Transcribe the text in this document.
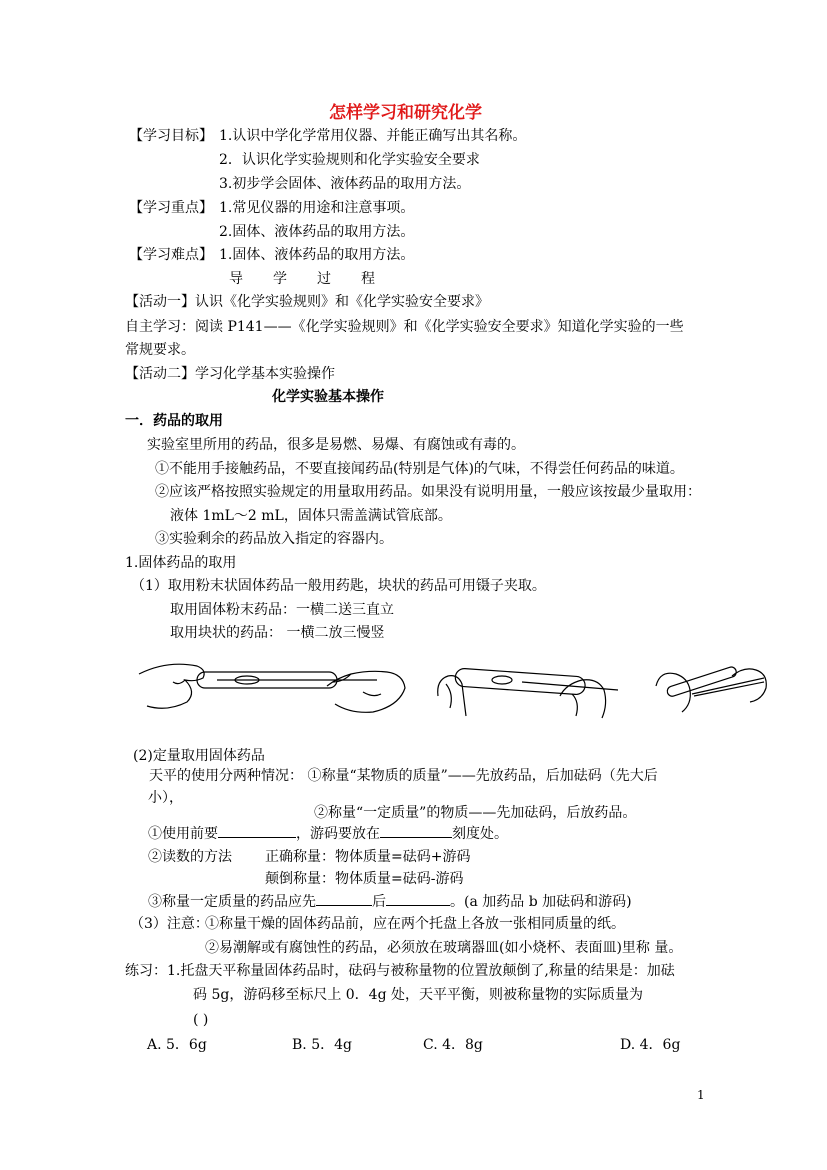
怎样学习和研究化学
【学习目标】 1.认识中学化学常用仪器、并能正确写出其名称。
2．认识化学实验规则和化学实验安全要求
3.初步学会固体、液体药品的取用方法。
【学习重点】 1.常见仪器的用途和注意事项。
2.固体、液体药品的取用方法。
【学习难点】 1.固体、液体药品的取用方法。
导学过程
【活动一】认识《化学实验规则》和《化学实验安全要求》
自主学习：阅读 P141——《化学实验规则》和《化学实验安全要求》知道化学实验的一些
常规要求。
【活动二】学习化学基本实验操作
化学实验基本操作
一．药品的取用
实验室里所用的药品，很多是易燃、易爆、有腐蚀或有毒的。
①不能用手接触药品，不要直接闻药品(特别是气体)的气味，不得尝任何药品的味道。
②应该严格按照实验规定的用量取用药品。如果没有说明用量，一般应该按最少量取用：
液体 1mL～2 mL，固体只需盖满试管底部。
③实验剩余的药品放入指定的容器内。
1.固体药品的取用
（1）取用粉末状固体药品一般用药匙，块状的药品可用镊子夹取。
取用固体粉末药品：一横二送三直立
取用块状的药品： 一横二放三慢竖
(2)定量取用固体药品
天平的使用分两种情况： ①称量“某物质的质量”——先放药品，后加砝码（先大后
小），
②称量“一定质量”的物质——先加砝码，后放药品。
①使用前要	，游码要放在	刻度处。
②读数的方法 正确称量：物体质量=砝码+游码
颠倒称量：物体质量=砝码-游码
③称量一定质量的药品应先	后	。(a 加药品 b 加砝码和游码)
（3）注意：
①称量干燥的固体药品前，应在两个托盘上各放一张相同质量的纸。
②易潮解或有腐蚀性的药品，必须放在玻璃器皿(如小烧杯、表面皿)里称 量。
练习： 1.托盘天平称量固体药品时，砝码与被称量物的位置放颠倒了,称量的结果是：加砝
码 5g，游码移至标尺上 0．4g 处，天平平衡，则被称量物的实际质量为
( )
A. 5．6g	B. 5．4g	C. 4．8g	D. 4．6g
1
